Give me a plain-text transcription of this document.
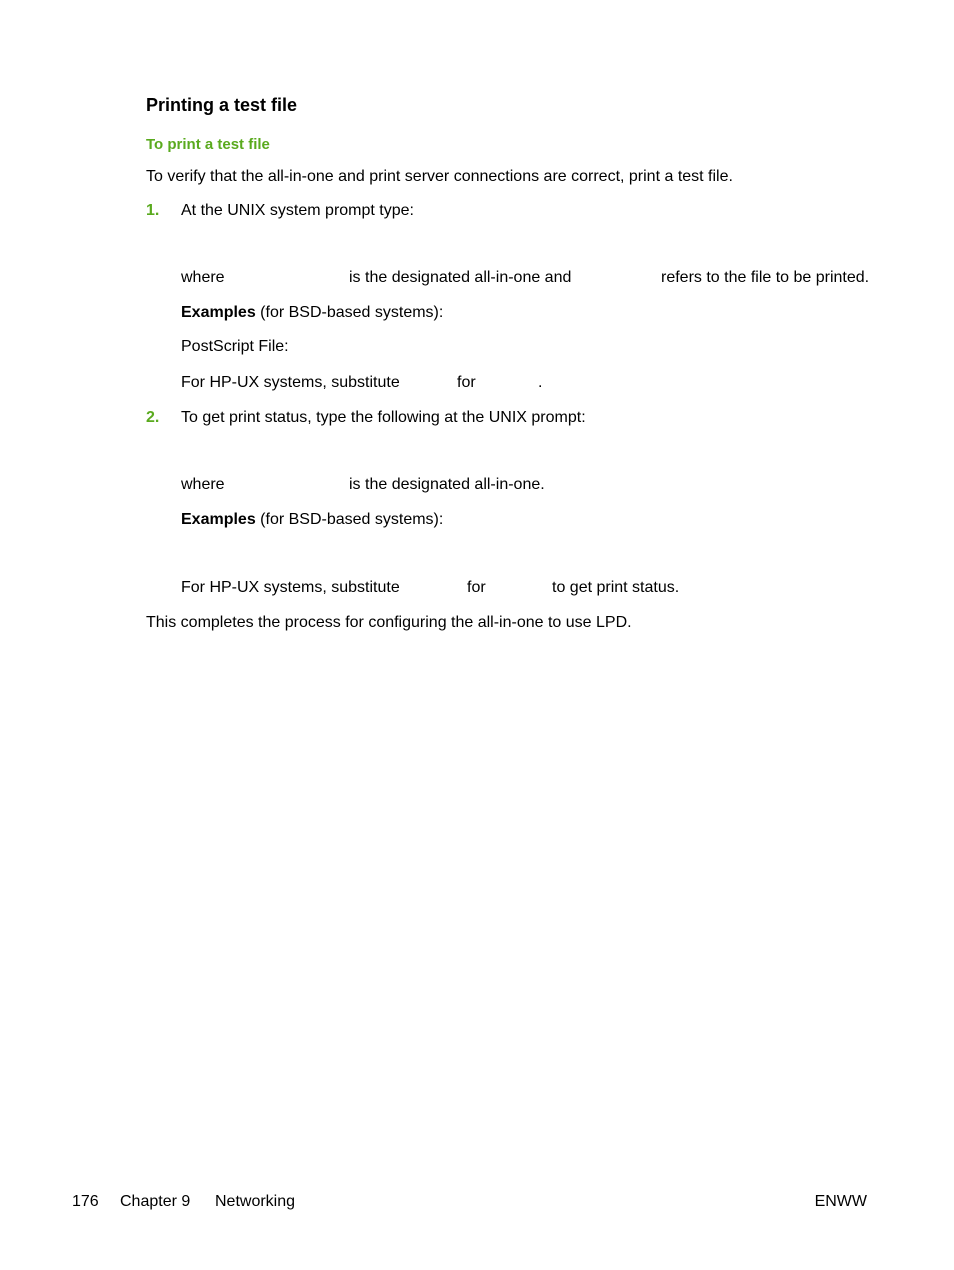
Printing a test file
To print a test file
To verify that the all-in-one and print server connections are correct, print a test file.
1. At the UNIX system prompt type:
where	is the designated all-in-one and	refers to the file to be printed.
Examples (for BSD-based systems):
PostScript File:
For HP-UX systems, substitute	for	.
2. To get print status, type the following at the UNIX prompt:
where	is the designated all-in-one.
Examples (for BSD-based systems):
For HP-UX systems, substitute	for	to get print status.
This completes the process for configuring the all-in-one to use LPD.
176 Chapter 9 Networking	ENWW
